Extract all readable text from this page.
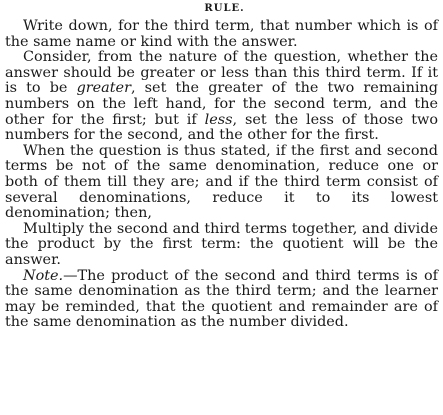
RULE.

Write down, for the third term, that number which is of the same name or kind with the answer.

Consider, from the nature of the question, whether the answer should be greater or less than this third term. If it is to be greater, set the greater of the two remaining numbers on the left hand, for the second term, and the other for the first; but if less, set the less of those two numbers for the second, and the other for the first.

When the question is thus stated, if the first and second terms be not of the same denomination, reduce one or both of them till they are; and if the third term consist of several denominations, reduce it to its lowest denomination; then,

Multiply the second and third terms together, and divide the product by the first term: the quotient will be the answer.

Note.—The product of the second and third terms is of the same denomination as the third term; and the learner may be reminded, that the quotient and remainder are of the same denomination as the number divided.
